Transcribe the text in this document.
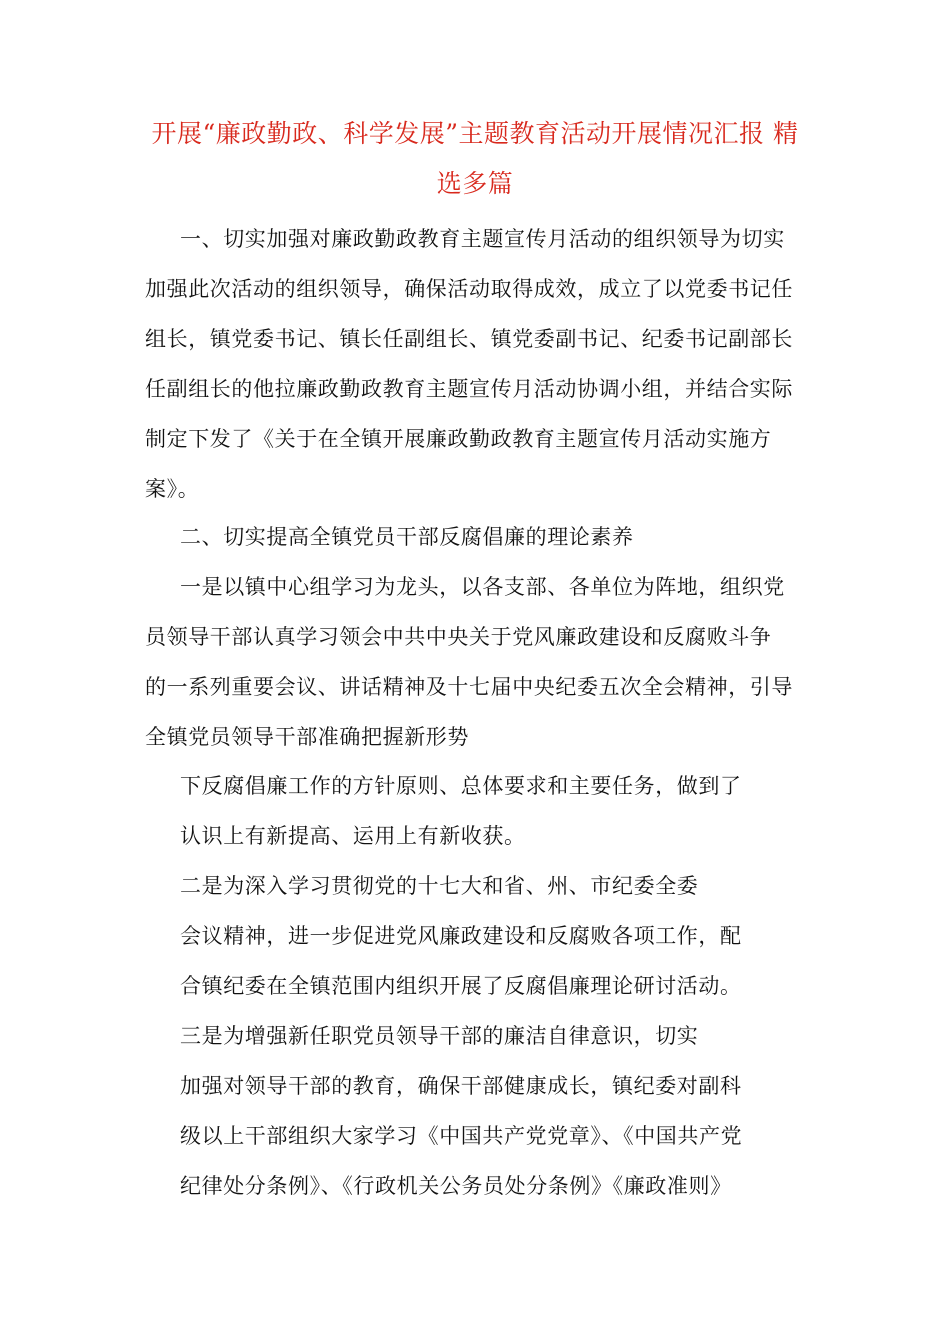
开展“廉政勤政、科学发展”主题教育活动开展情况汇报 精
选多篇
一、切实加强对廉政勤政教育主题宣传月活动的组织领导为切实
加强此次活动的组织领导，确保活动取得成效，成立了以党委书记任
组长，镇党委书记、镇长任副组长、镇党委副书记、纪委书记副部长
任副组长的他拉廉政勤政教育主题宣传月活动协调小组，并结合实际
制定下发了《关于在全镇开展廉政勤政教育主题宣传月活动实施方
案》。
二、切实提高全镇党员干部反腐倡廉的理论素养
一是以镇中心组学习为龙头，以各支部、各单位为阵地，组织党
员领导干部认真学习领会中共中央关于党风廉政建设和反腐败斗争
的一系列重要会议、讲话精神及十七届中央纪委五次全会精神，引导
全镇党员领导干部准确把握新形势
下反腐倡廉工作的方针原则、总体要求和主要任务，做到了
认识上有新提高、运用上有新收获。
二是为深入学习贯彻党的十七大和省、州、市纪委全委
会议精神，进一步促进党风廉政建设和反腐败各项工作，配
合镇纪委在全镇范围内组织开展了反腐倡廉理论研讨活动。
三是为增强新任职党员领导干部的廉洁自律意识，切实
加强对领导干部的教育，确保干部健康成长，镇纪委对副科
级以上干部组织大家学习《中国共产党党章》、《中国共产党
纪律处分条例》、《行政机关公务员处分条例》《廉政准则》
